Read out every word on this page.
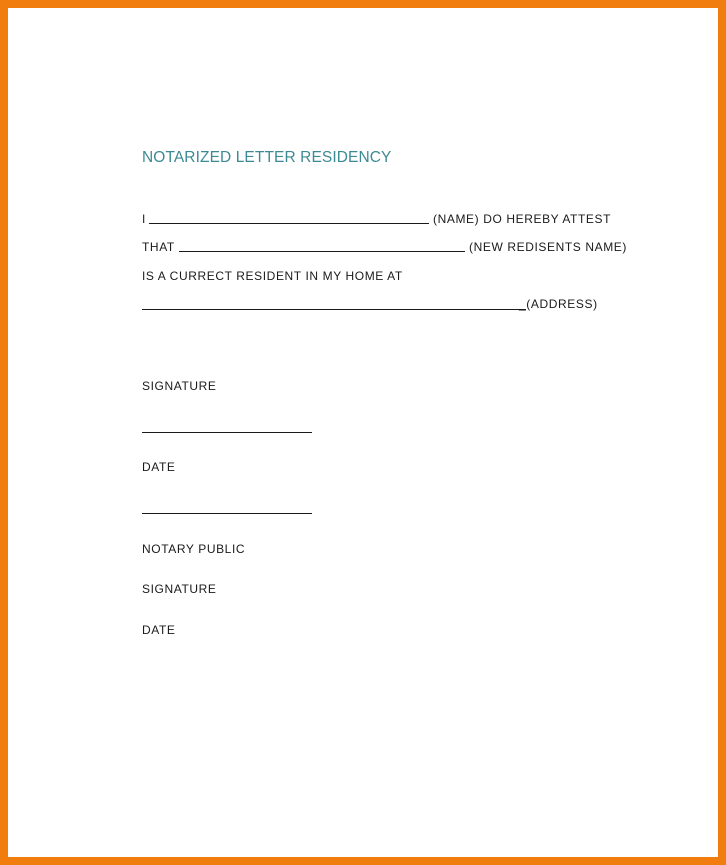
NOTARIZED LETTER RESIDENCY
I	(NAME) DO HEREBY ATTEST
THAT	(NEW REDISENTS NAME)
IS A CURRECT RESIDENT IN MY HOME AT
_(ADDRESS)
SIGNATURE
DATE
NOTARY PUBLIC
SIGNATURE
DATE
